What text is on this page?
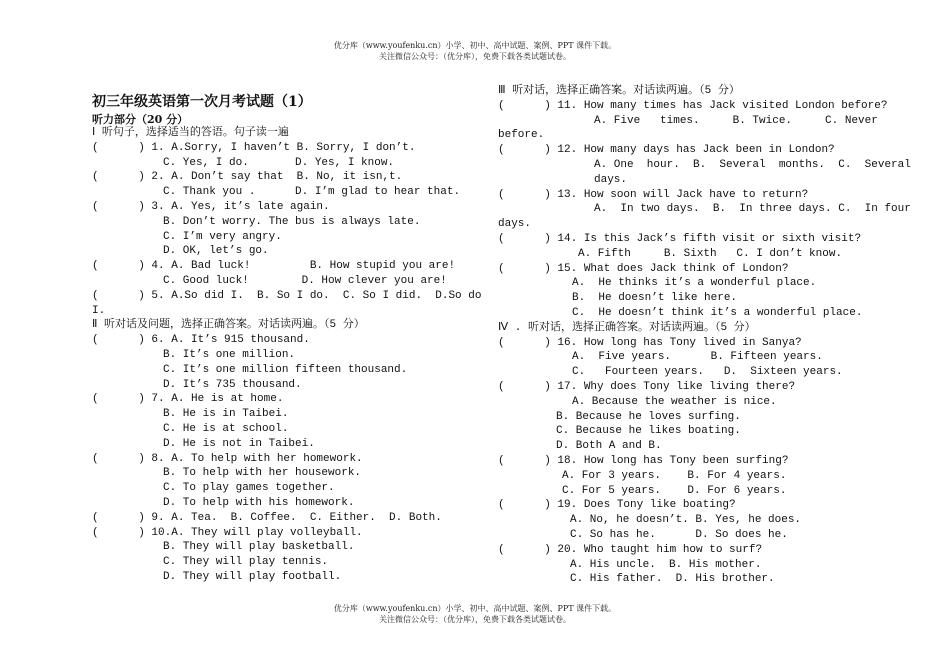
优分库（www.youfenku.cn）小学、初中、高中试题、案例、PPT 课件下载。
关注微信公众号：（优分库），免费下载各类试题试卷。
初三年级英语第一次月考试题（1）
听力部分（20 分）
Ⅰ 听句子，选择适当的答语。句子读一遍
(      ) 1. A.Sorry, I haven’t B. Sorry, I don’t.
C. Yes, I do.       D. Yes, I know.
(      ) 2. A. Don’t say that  B. No, it isn,t.
C. Thank you .      D. I’m glad to hear that.
(      ) 3. A. Yes, it’s late again.
B. Don’t worry. The bus is always late.
C. I’m very angry.
D. OK, let’s go.
(      ) 4. A. Bad luck!         B. How stupid you are!
C. Good luck!        D. How clever you are!
(      ) 5. A.So did I.  B. So I do.  C. So I did.  D.So do
I.
Ⅱ 听对话及问题，选择正确答案。对话读两遍。（5 分）
(      ) 6. A. It’s 915 thousand.
B. It’s one million.
C. It’s one million fifteen thousand.
D. It’s 735 thousand.
(      ) 7. A. He is at home.
B. He is in Taibei.
C. He is at school.
D. He is not in Taibei.
(      ) 8. A. To help with her homework.
B. To help with her housework.
C. To play games together.
D. To help with his homework.
(      ) 9. A. Tea.  B. Coffee.  C. Either.  D. Both.
(      ) 10.A. They will play volleyball.
B. They will play basketball.
C. They will play tennis.
D. They will play football.
Ⅲ 听对话，选择正确答案。对话读两遍。（5 分）
(      ) 11. How many times has Jack visited London before?
A. Five   times.     B. Twice.     C. Never
before.
(      ) 12. How many days has Jack been in London?
A. One  hour.  B.  Several  months.  C.  Several
days.
(      ) 13. How soon will Jack have to return?
A.  In two days.  B.  In three days. C.  In four
days.
(      ) 14. Is this Jack’s fifth visit or sixth visit?
A. Fifth     B. Sixth   C. I don’t know.
(      ) 15. What does Jack think of London?
A.  He thinks it’s a wonderful place.
B.  He doesn’t like here.
C.  He doesn’t think it’s a wonderful place.
Ⅳ . 听对话，选择正确答案。对话读两遍。（5 分）
(      ) 16. How long has Tony lived in Sanya?
A.  Five years.      B. Fifteen years.
C.   Fourteen years.   D.  Sixteen years.
(      ) 17. Why does Tony like living there?
A. Because the weather is nice.
B. Because he loves surfing.
C. Because he likes boating.
D. Both A and B.
(      ) 18. How long has Tony been surfing?
A. For 3 years.    B. For 4 years.
C. For 5 years.    D. For 6 years.
(      ) 19. Does Tony like boating?
A. No, he doesn’t. B. Yes, he does.
C. So has he.      D. So does he.
(      ) 20. Who taught him how to surf?
A. His uncle.  B. His mother.
C. His father.  D. His brother.
优分库（www.youfenku.cn）小学、初中、高中试题、案例、PPT 课件下载。
关注微信公众号：（优分库），免费下载各类试题试卷。
